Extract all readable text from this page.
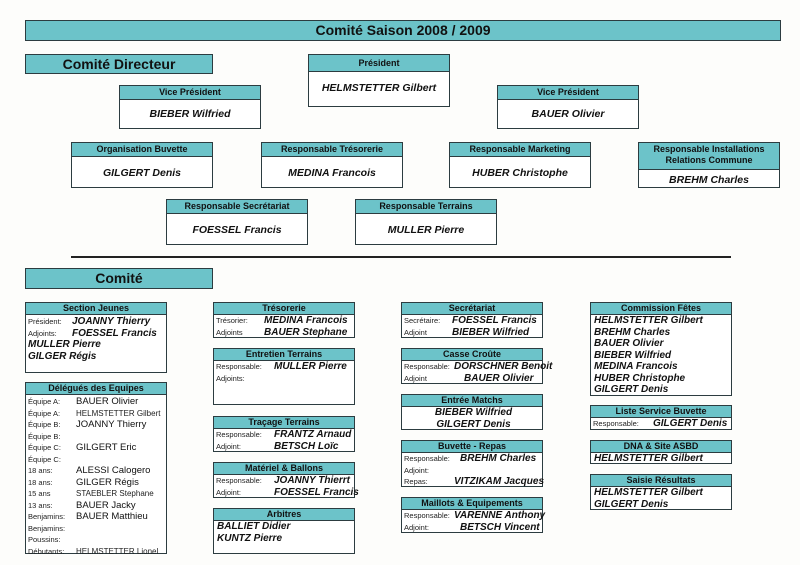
Comité Saison 2008 / 2009
Comité Directeur	Président
HELMSTETTER Gilbert
Vice Président
BIEBER Wilfried
Vice Président
BAUER Olivier
Organisation Buvette
GILGERT Denis
Responsable Trésorerie
MEDINA Francois
Responsable Marketing
HUBER Christophe
Responsable Installations
Relations Commune
BREHM Charles
Responsable Secrétariat
FOESSEL Francis
Responsable Terrains
MULLER Pierre
Comité
Section Jeunes
Président:	JOANNY Thierry
Adjoints:	FOESSEL Francis
MULLER Pierre
GILGER Régis
Délégués des Equipes
Équipe A:	BAUER Olivier
Équipe A:	HELMSTETTER Gilbert
Équipe B:	JOANNY Thierry
Équipe B:
Équipe C:	GILGERT Eric
Équipe C:
18 ans:	ALESSI Calogero
18 ans:	GILGER Régis
15 ans	STAEBLER Stephane
13 ans:	BAUER Jacky
Benjamins:	BAUER Matthieu
Benjamins:
Poussins:
Débutants:	HELMSTETTER Lionel
Trésorerie
Trésorier:	MEDINA Francois
Adjoints	BAUER Stephane
Entretien Terrains
Responsable:	MULLER Pierre
Adjoints:
Traçage Terrains
Responsable:	FRANTZ Arnaud
Adjoint:	BETSCH Loïc
Matériel & Ballons
Responsable:	JOANNY Thierrt
Adjoint:	FOESSEL Francis
Arbitres
BALLIET Didier
KUNTZ Pierre
Secrétariat
Secrétaire:	FOESSEL Francis
Adjoint	BIEBER Wilfried
Casse Croûte
Responsable: DORSCHNER Benoit
Adjoint	BAUER Olivier
Entrée Matchs
BIEBER Wilfried
GILGERT Denis
Buvette - Repas
Responsable:	BREHM Charles
Adjoint:
Repas:	VITZIKAM Jacques
Maillots & Equipements
Responsable: VARENNE Anthony
Adjoint:	BETSCH Vincent
Commission Fêtes
HELMSTETTER Gilbert
BREHM Charles
BAUER Olivier
BIEBER Wilfried
MEDINA Francois
HUBER Christophe
GILGERT Denis
Liste Service Buvette
Responsable:	GILGERT Denis
DNA & Site ASBD
HELMSTETTER Gilbert
Saisie Résultats
HELMSTETTER Gilbert
GILGERT Denis
